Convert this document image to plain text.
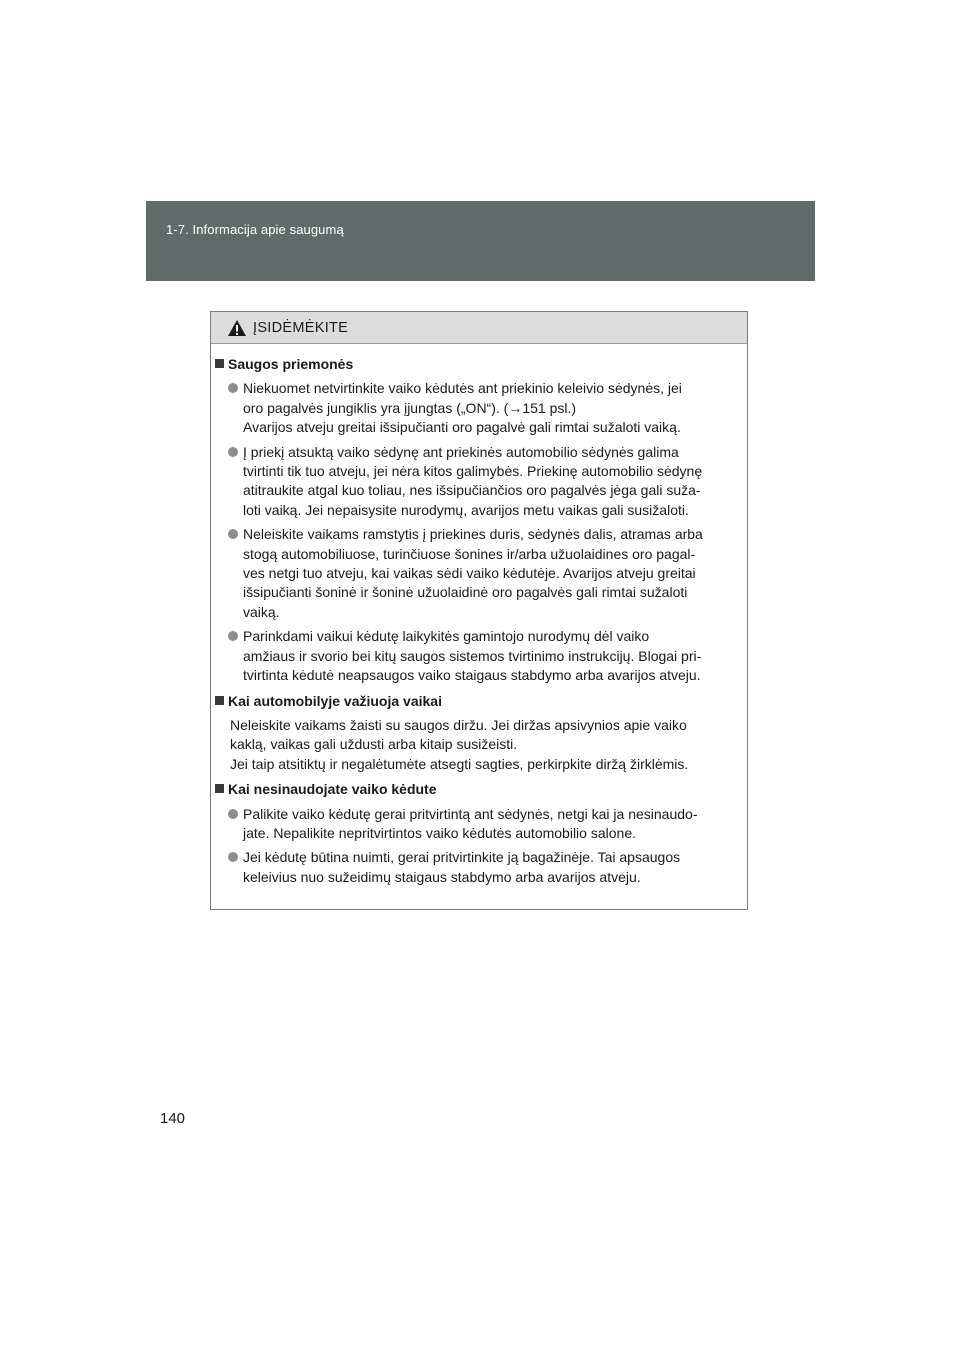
1-7. Informacija apie saugumą
ĮSIDĖMĖKITE
Saugos priemonės
Niekuomet netvirtinkite vaiko kėdutės ant priekinio keleivio sėdynės, jei
oro pagalvės jungiklis yra įjungtas („ON“). (→151 psl.)
Avarijos atveju greitai išsipučianti oro pagalvė gali rimtai sužaloti vaiką.
Į priekį atsuktą vaiko sėdynę ant priekinės automobilio sėdynės galima
tvirtinti tik tuo atveju, jei nėra kitos galimybės. Priekinę automobilio sėdynę
atitraukite atgal kuo toliau, nes išsipučiančios oro pagalvės jėga gali suža-
loti vaiką. Jei nepaisysite nurodymų, avarijos metu vaikas gali susižaloti.
Neleiskite vaikams ramstytis į priekines duris, sėdynės dalis, atramas arba
stogą automobiliuose, turinčiuose šonines ir/arba užuolaidines oro pagal-
ves netgi tuo atveju, kai vaikas sėdi vaiko kėdutėje. Avarijos atveju greitai
išsipučianti šoninė ir šoninė užuolaidinė oro pagalvės gali rimtai sužaloti
vaiką.
Parinkdami vaikui kėdutę laikykitės gamintojo nurodymų dėl vaiko
amžiaus ir svorio bei kitų saugos sistemos tvirtinimo instrukcijų. Blogai pri-
tvirtinta kėdutė neapsaugos vaiko staigaus stabdymo arba avarijos atveju.
Kai automobilyje važiuoja vaikai
Neleiskite vaikams žaisti su saugos diržu. Jei diržas apsivynios apie vaiko
kaklą, vaikas gali uždusti arba kitaip susižeisti.
Jei taip atsitiktų ir negalėtumėte atsegti sagties, perkirpkite diržą žirklėmis.
Kai nesinaudojate vaiko kėdute
Palikite vaiko kėdutę gerai pritvirtintą ant sėdynės, netgi kai ja nesinaudo-
jate. Nepalikite nepritvirtintos vaiko kėdutės automobilio salone.
Jei kėdutę būtina nuimti, gerai pritvirtinkite ją bagažinėje. Tai apsaugos
keleivius nuo sužeidimų staigaus stabdymo arba avarijos atveju.
140
